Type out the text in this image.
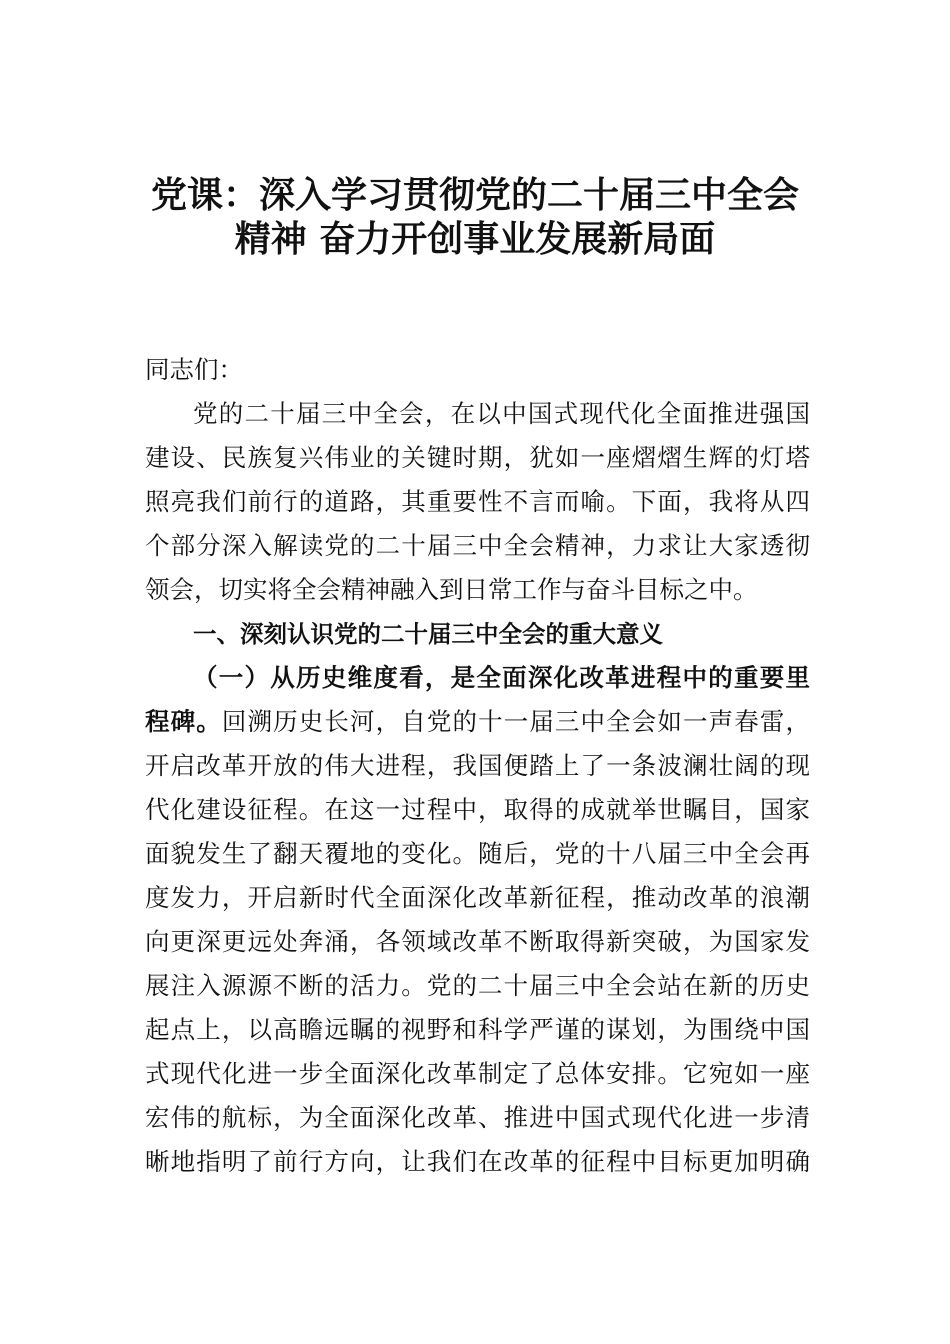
党课：深入学习贯彻党的二十届三中全会
精神 奋力开创事业发展新局面
同志们：
党的二十届三中全会，在以中国式现代化全面推进强国
建设、民族复兴伟业的关键时期，犹如一座熠熠生辉的灯塔
照亮我们前行的道路，其重要性不言而喻。下面，我将从四
个部分深入解读党的二十届三中全会精神，力求让大家透彻
领会，切实将全会精神融入到日常工作与奋斗目标之中。
一、深刻认识党的二十届三中全会的重大意义
（一）从历史维度看，是全面深化改革进程中的重要里
程碑。回溯历史长河，自党的十一届三中全会如一声春雷，
开启改革开放的伟大进程，我国便踏上了一条波澜壮阔的现
代化建设征程。在这一过程中，取得的成就举世瞩目，国家
面貌发生了翻天覆地的变化。随后，党的十八届三中全会再
度发力，开启新时代全面深化改革新征程，推动改革的浪潮
向更深更远处奔涌，各领域改革不断取得新突破，为国家发
展注入源源不断的活力。党的二十届三中全会站在新的历史
起点上，以高瞻远瞩的视野和科学严谨的谋划，为围绕中国
式现代化进一步全面深化改革制定了总体安排。它宛如一座
宏伟的航标，为全面深化改革、推进中国式现代化进一步清
晰地指明了前行方向，让我们在改革的征程中目标更加明确
